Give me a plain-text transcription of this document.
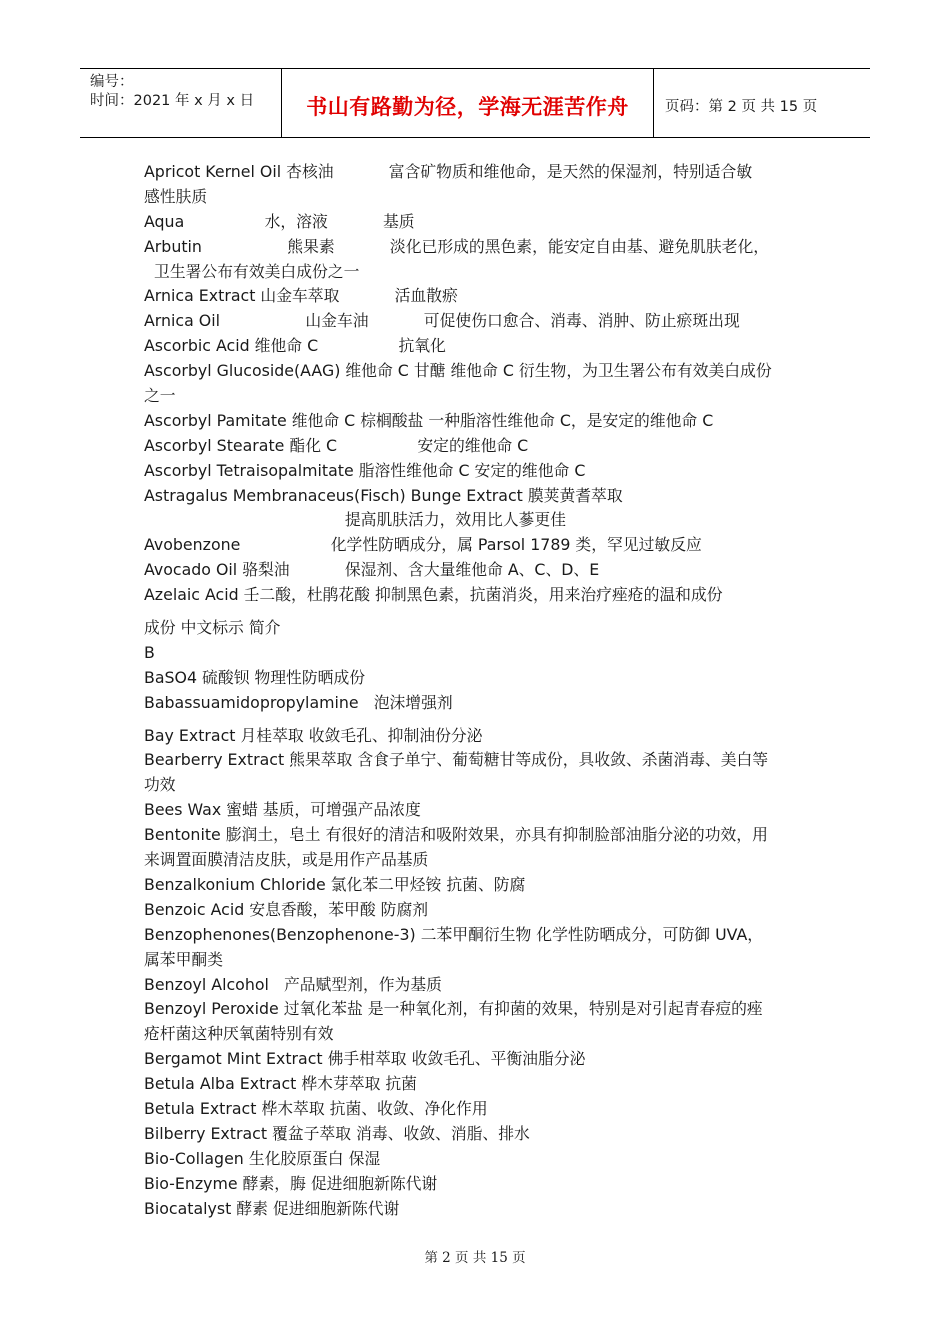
编号：
时间：2021 年 x 月 x 日	书山有路勤为径，学海无涯苦作舟	页码：第 2 页 共 15 页
Apricot Kernel Oil 杏核油           富含矿物质和维他命，是天然的保湿剂，特别适合敏
感性肤质
Aqua                水，溶液           基质
Arbutin                 熊果素           淡化已形成的黑色素，能安定自由基、避免肌肤老化，
卫生署公布有效美白成份之一
Arnica Extract 山金车萃取           活血散瘀
Arnica Oil                 山金车油           可促使伤口愈合、消毒、消肿、防止瘀斑出现
Ascorbic Acid 维他命 C                抗氧化
Ascorbyl Glucoside(AAG) 维他命 C 甘醣 维他命 C 衍生物，为卫生署公布有效美白成份
之一
Ascorbyl Pamitate 维他命 C 棕榈酸盐 一种脂溶性维他命 C，是安定的维他命 C
Ascorbyl Stearate 酯化 C                安定的维他命 C
Ascorbyl Tetraisopalmitate 脂溶性维他命 C 安定的维他命 C
Astragalus Membranaceus(Fisch) Bunge Extract 膜荚黄耆萃取
提高肌肤活力，效用比人蔘更佳
Avobenzone                  化学性防晒成分，属 Parsol 1789 类，罕见过敏反应
Avocado Oil 骆梨油           保湿剂、含大量维他命 A、C、D、E
Azelaic Acid 壬二酸，杜鹃花酸 抑制黑色素，抗菌消炎，用来治疗痤疮的温和成份
成份 中文标示 简介
B
BaSO4 硫酸钡 物理性防晒成份
Babassuamidopropylamine   泡沫增强剂
Bay Extract 月桂萃取 收敛毛孔、抑制油份分泌
Bearberry Extract 熊果萃取 含食子单宁、葡萄糖甘等成份，具收敛、杀菌消毒、美白等
功效
Bees Wax 蜜蜡 基质，可增强产品浓度
Bentonite 膨润土，皂土 有很好的清洁和吸附效果，亦具有抑制脸部油脂分泌的功效，用
来调置面膜清洁皮肤，或是用作产品基质
Benzalkonium Chloride 氯化苯二甲烃铵 抗菌、防腐
Benzoic Acid 安息香酸，苯甲酸 防腐剂
Benzophenones(Benzophenone-3) 二苯甲酮衍生物 化学性防晒成分，可防御 UVA，
属苯甲酮类
Benzoyl Alcohol   产品赋型剂，作为基质
Benzoyl Peroxide 过氧化苯盐 是一种氧化剂，有抑菌的效果，特别是对引起青春痘的痤
疮杆菌这种厌氧菌特别有效
Bergamot Mint Extract 佛手柑萃取 收敛毛孔、平衡油脂分泌
Betula Alba Extract 桦木芽萃取 抗菌
Betula Extract 桦木萃取 抗菌、收敛、净化作用
Bilberry Extract 覆盆子萃取 消毒、收敛、消脂、排水
Bio-Collagen 生化胶原蛋白 保湿
Bio-Enzyme 酵素，脢 促进细胞新陈代谢
Biocatalyst 酵素 促进细胞新陈代谢
第 2 页 共 15 页
